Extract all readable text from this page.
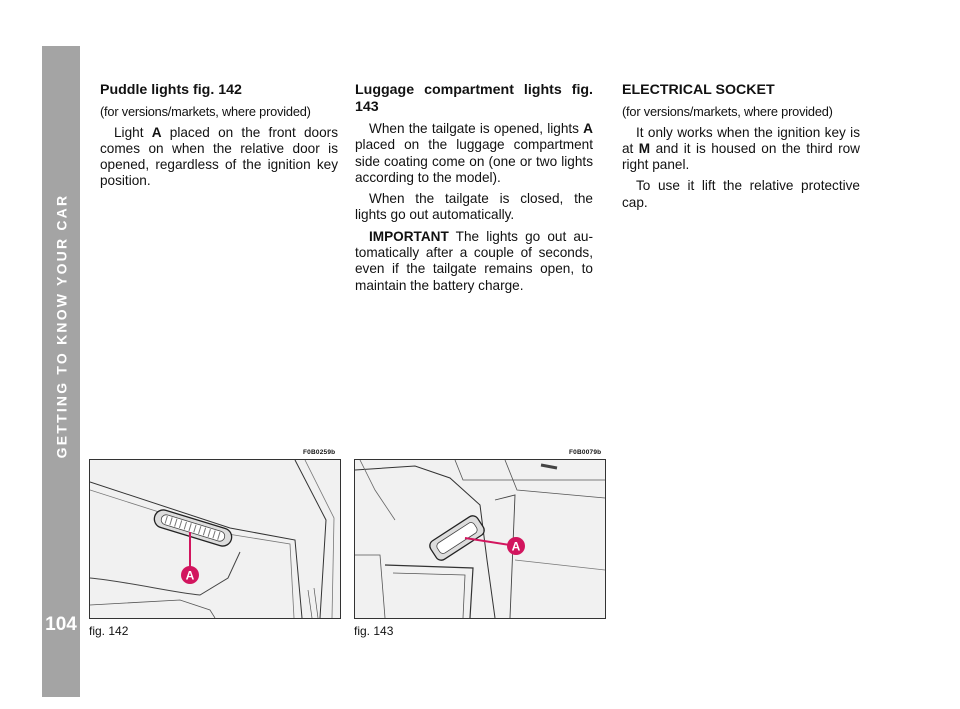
GETTING TO KNOW YOUR CAR
104

Puddle lights fig. 142

(for versions/markets, where provided)

Light A placed on the front doors comes on when the relative door is opened, regardless of the ignition key position.

Luggage compartment lights fig. 143

When the tailgate is opened, lights A placed on the luggage compartment side coating come on (one or two lights according to the model).

When the tailgate is closed, the lights go out automatically.

IMPORTANT The lights go out au-tomatically after a couple of seconds, even if the tailgate remains open, to maintain the battery charge.

ELECTRICAL SOCKET

(for versions/markets, where provided)

It only works when the ignition key is at M and it is housed on the third row right panel.

To use it lift the relative protective cap.

F0B0259b
A
fig. 142
F0B0079b
A
fig. 143
